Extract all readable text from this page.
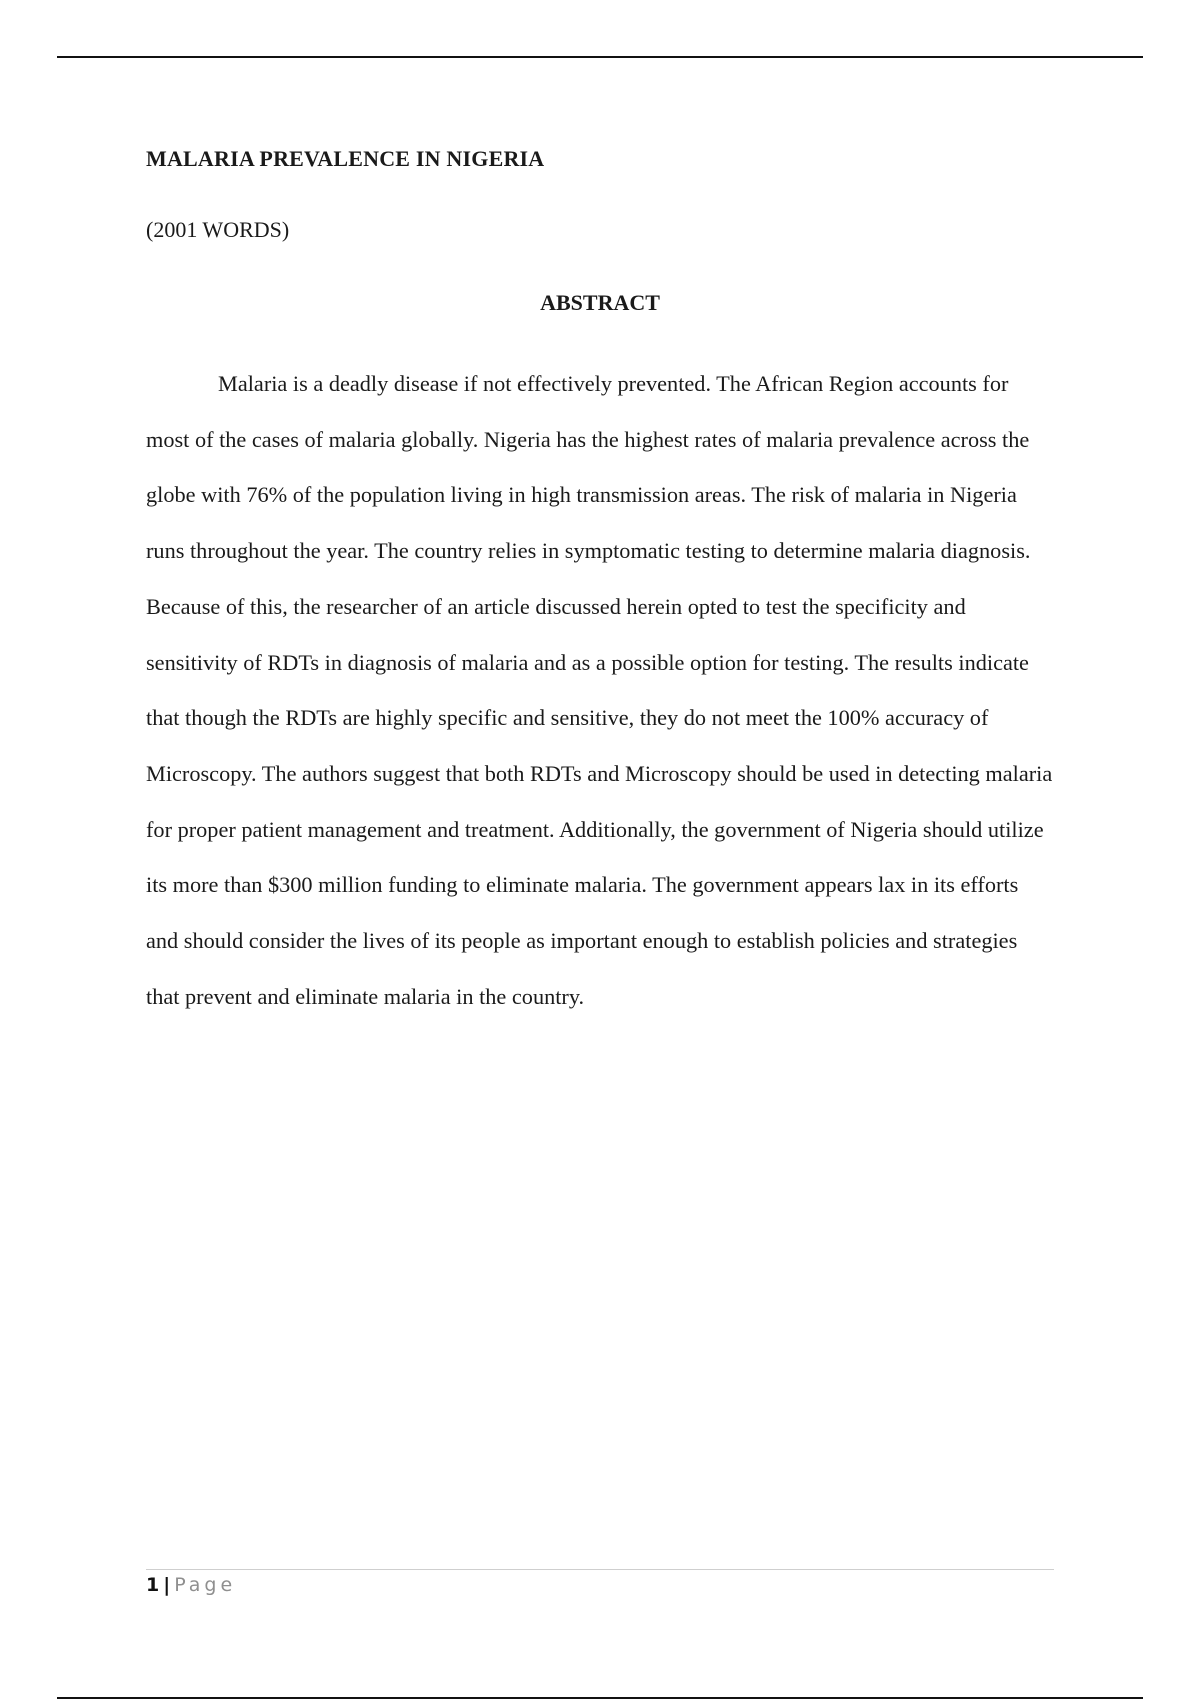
MALARIA PREVALENCE IN NIGERIA

(2001 WORDS)

ABSTRACT

Malaria is a deadly disease if not effectively prevented. The African Region accounts for most of the cases of malaria globally. Nigeria has the highest rates of malaria prevalence across the globe with 76% of the population living in high transmission areas. The risk of malaria in Nigeria runs throughout the year. The country relies in symptomatic testing to determine malaria diagnosis. Because of this, the researcher of an article discussed herein opted to test the specificity and sensitivity of RDTs in diagnosis of malaria and as a possible option for testing. The results indicate that though the RDTs are highly specific and sensitive, they do not meet the 100% accuracy of Microscopy. The authors suggest that both RDTs and Microscopy should be used in detecting malaria for proper patient management and treatment. Additionally, the government of Nigeria should utilize its more than $300 million funding to eliminate malaria. The government appears lax in its efforts and should consider the lives of its people as important enough to establish policies and strategies that prevent and eliminate malaria in the country.

1 | Page
